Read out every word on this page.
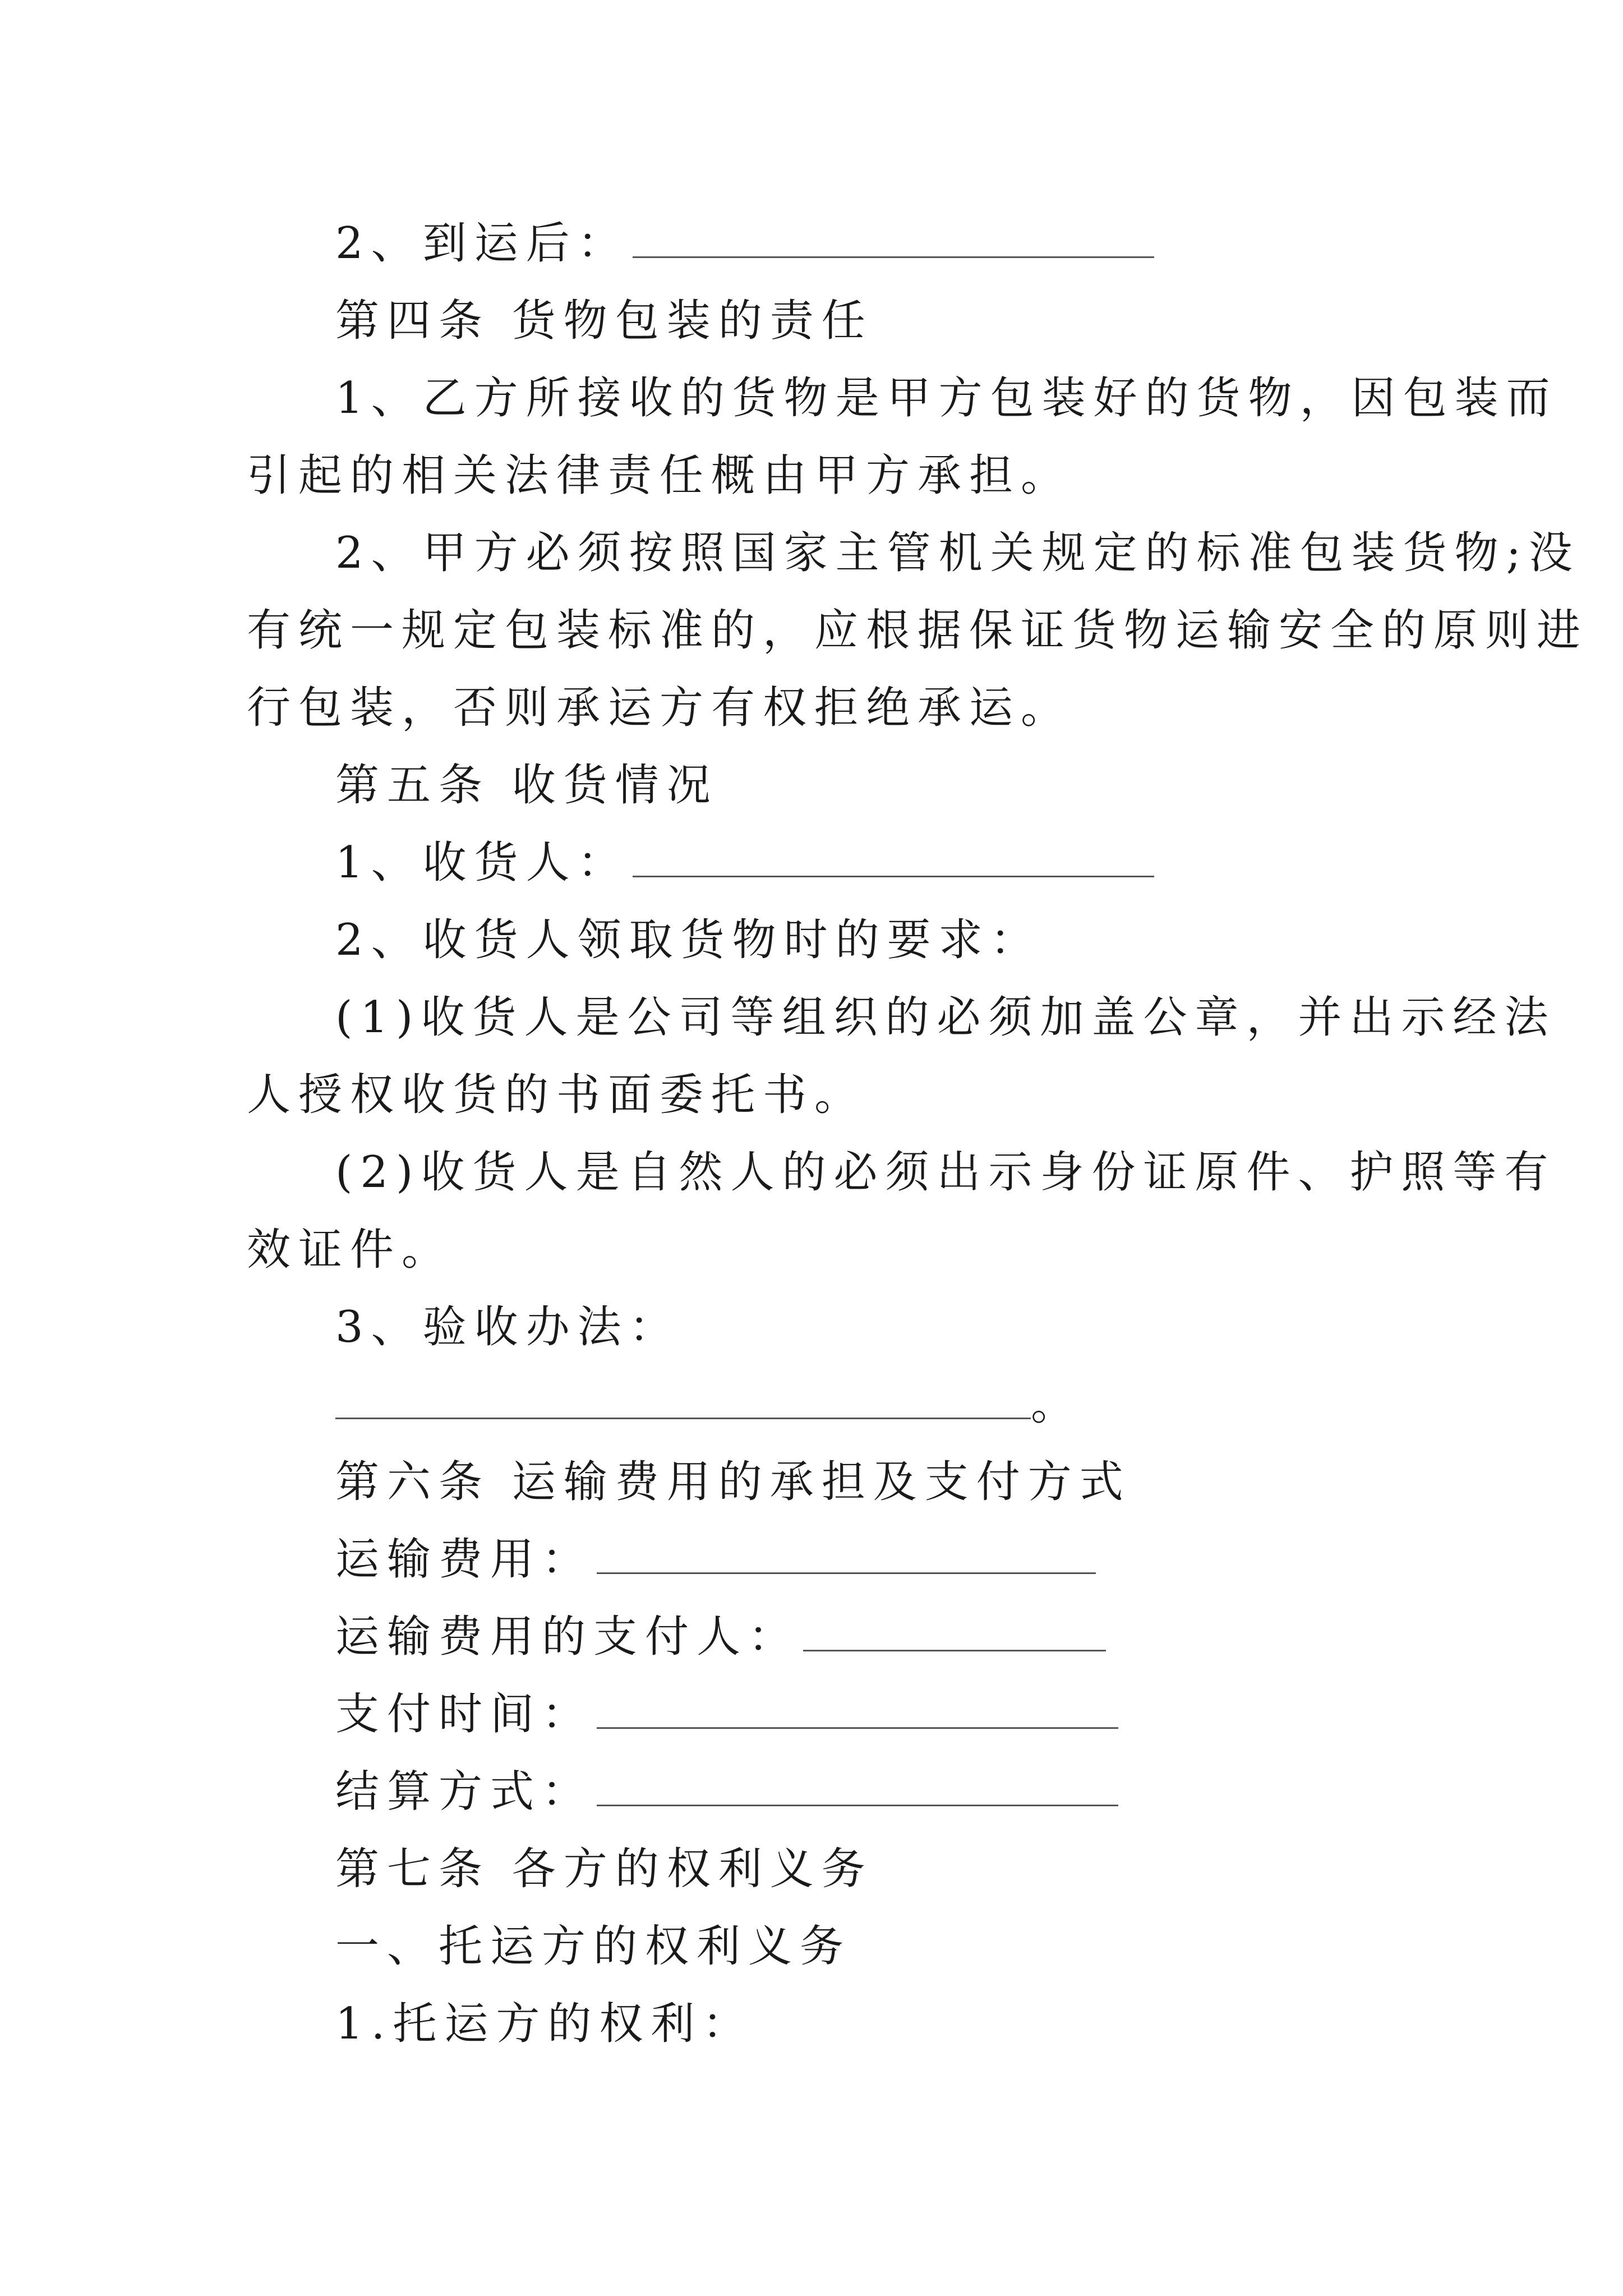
2、到运后：
第四条 货物包装的责任
1、乙方所接收的货物是甲方包装好的货物，因包装而
引起的相关法律责任概由甲方承担。
2、甲方必须按照国家主管机关规定的标准包装货物;没
有统一规定包装标准的，应根据保证货物运输安全的原则进
行包装，否则承运方有权拒绝承运。
第五条 收货情况
1、收货人：
2、收货人领取货物时的要求：
(1)收货人是公司等组织的必须加盖公章，并出示经法
人授权收货的书面委托书。
(2)收货人是自然人的必须出示身份证原件、护照等有
效证件。
3、验收办法：
。
第六条 运输费用的承担及支付方式
运输费用：
运输费用的支付人：
支付时间：
结算方式：
第七条 各方的权利义务
一、托运方的权利义务
1.托运方的权利：
